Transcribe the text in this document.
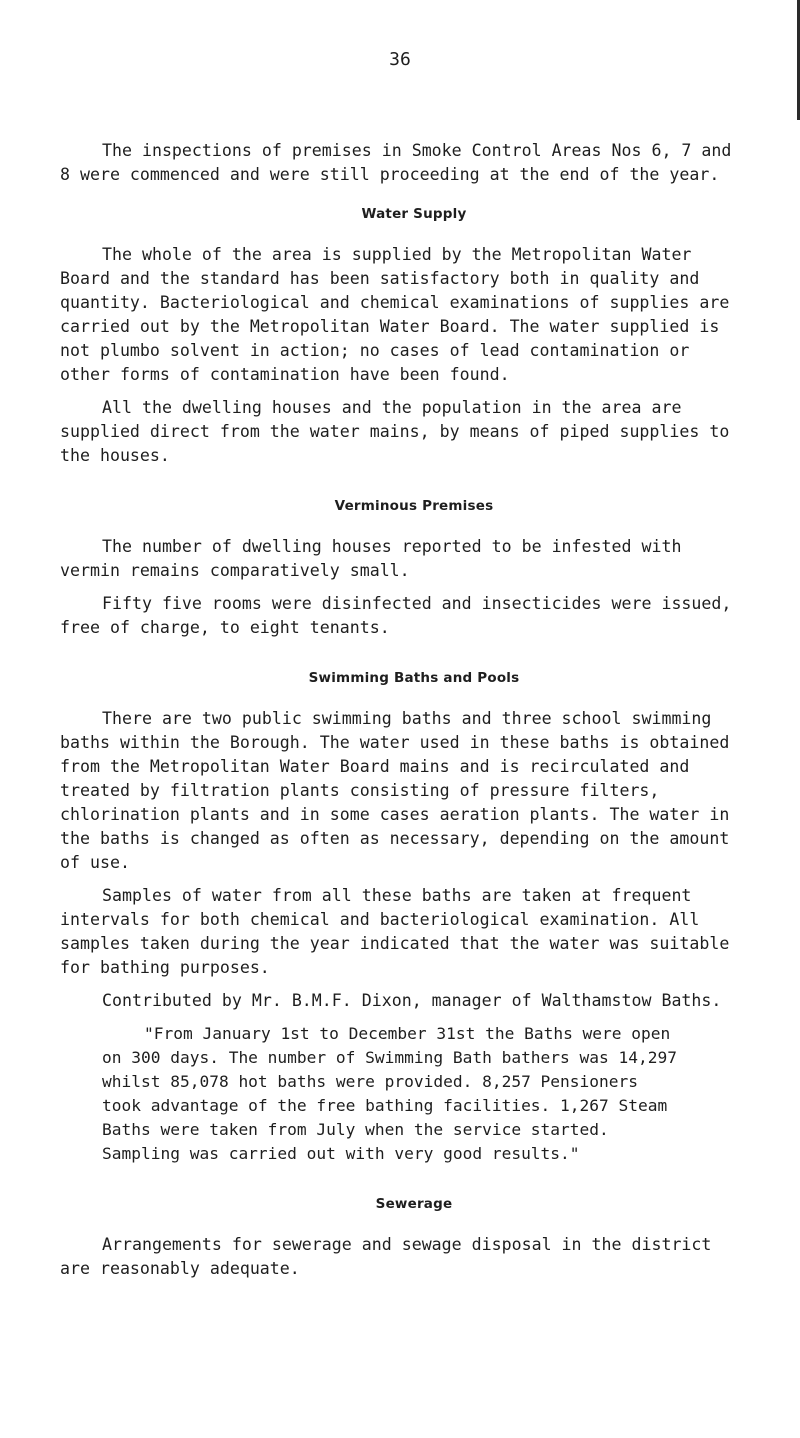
36

The inspections of premises in Smoke Control Areas Nos 6, 7 and

8 were commenced and were still proceeding at the end of the year.

Water Supply

The whole of the area is supplied by the Metropolitan Water

Board and the standard has been satisfactory both in quality and

quantity. Bacteriological and chemical examinations of supplies are

carried out by the Metropolitan Water Board. The water supplied is

not plumbo solvent in action; no cases of lead contamination or

other forms of contamination have been found.

All the dwelling houses and the population in the area are

supplied direct from the water mains, by means of piped supplies to

the houses.

Verminous Premises

The number of dwelling houses reported to be infested with

vermin remains comparatively small.

Fifty five rooms were disinfected and insecticides were issued,

free of charge, to eight tenants.

Swimming Baths and Pools

There are two public swimming baths and three school swimming

baths within the Borough. The water used in these baths is obtained

from the Metropolitan Water Board mains and is recirculated and

treated by filtration plants consisting of pressure filters,

chlorination plants and in some cases aeration plants. The water in

the baths is changed as often as necessary, depending on the amount

of use.

Samples of water from all these baths are taken at frequent

intervals for both chemical and bacteriological examination. All

samples taken during the year indicated that the water was suitable

for bathing purposes.

Contributed by Mr. B.M.F. Dixon, manager of Walthamstow Baths.

"From January 1st to December 31st the Baths were open

on 300 days. The number of Swimming Bath bathers was 14,297

whilst 85,078 hot baths were provided. 8,257 Pensioners

took advantage of the free bathing facilities. 1,267 Steam

Baths were taken from July when the service started.

Sampling was carried out with very good results."

Sewerage

Arrangements for sewerage and sewage disposal in the district

are reasonably adequate.
